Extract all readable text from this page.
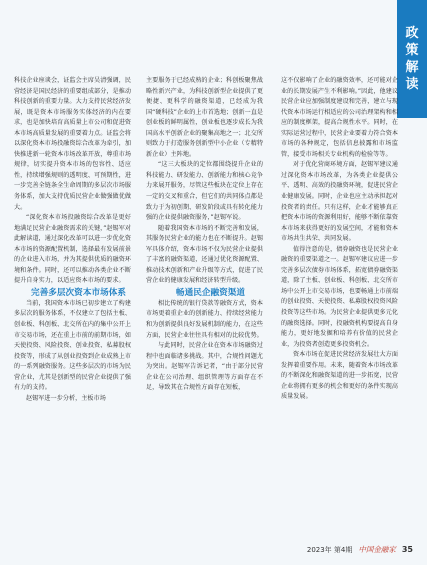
政
策
解
读

科技企业座谈会，证监会主席吴清强调，民营经济是国民经济的重要组成部分，是推动科技创新的重要力量。大力支持民营经济发展，既是资本市场服务实体经济的内在要求，也是加快培育高质量上市公司和促进资本市场高质量发展的重要着力点。证监会将以深化资本市场投融资综合改革为牵引，加快推进新一轮资本市场改革开放，尊重市场规律，切实提升资本市场的包容性、适应性，持续增强规则的透明度、可预期性，进一步完善全链条全生命周期的多层次市场服务体系，加大支持优质民营企业做强做优做大。

“深化资本市场投融资综合改革是更好地满足民营企业融资需求的关键，”赵锡军对此解读道，通过深化改革可以进一步优化资本市场的资源配置机制，选择最有发展前景的企业进入市场，并为其提供优质的融资环境和条件。同时，还可以推动各类企业不断提升自身实力，以适应资本市场的要求。

完善多层次资本市场体系

当前，我国资本市场已初步建立了构建多层次的服务体系，不仅建立了包括主板、创业板、科创板、北交所在内的集中公开上市交易市场，还在重上市前的前期市场，如天使投资、风险投资、创业投资、私募股权投资等，形成了从创业投资到企业成熟上市的一系列融资服务。这些多层次的市场为民营企业，尤其是创新型的民营企业提供了强有力的支持。

赵锡军进一步分析，主板市场

主要服务于已经成熟的企业；科创板聚焦战略性新兴产业，为科技创新型企业提供了更便捷、更科学的融资渠道，已经成为我国“硬科技”企业的上市首选地；创新一直是创业板的鲜明属性，创业板也逐步成长为我国高水平创新企业的聚集高地之一；北交所则致力于打造服务创新型中小企业（专精特新企业）主阵地。

“这三大板块的定位都围绕提升企业的科技能力、研发能力、创新能力和核心竞争力来展开服务，尽管这些板块在定位上存在一定的交叉和重合，但它们的共同体点都是致力于为初创期、研发阶段或具有转化能力强的企业提供融资服务，”赵锡军说。

随着我国资本市场的不断完善和发展，其服务民营企业的能力也在不断提升。赵锡军具体介绍，资本市场不仅为民营企业提供了丰富的融资渠道，还通过优化资源配置、推动技术创新和产业升级等方式，促进了民营企业的健康发展和经济转型升级。

畅通民企融资渠道

相比传统的银行贷款等融资方式，资本市场更着重企业的创新能力、持续经营能力和为创新提供良好发展机制的能力，在这些方面，民营企业往往具有相对的比较优势。

与此同时，民营企业在资本市场融资过程中也面临诸多挑战。其中，合规性问题尤为突出。赵锡军告诉记者，“由于部分民营企业在公司治理、组织管理等方面存在不足，导致其在合规性方面存在短板，

这不仅影响了企业的融资效率，还可能对企业的长期发展产生不利影响。”因此，他建议民营企业应加强制度建设和完善，建立与现代资本市场运行相适应的公司治理架构和相应的制度框架，提高合规性水平。同时，在实际运营过程中，民营企业要着力符合资本市场的各种规定，包括信息披露和市场监管，接受市场相关专业机构的检验等等。

对于优化营商环境方面，赵锡军建议通过深化资本市场改革，为各类企业提供公平、透明、高效的投融资环境，促进民营企业健康发展。同时，企业也应主动承担起对投资者的责任。只有这样，企业才能够真正把资本市场的资源利用好，能够不断依靠资本市场来获得更好的发展空间，才能和资本市场共生共荣、共同发展。

值得注意的是，债券融资也是民营企业融资的重要渠道之一。赵锡军建议应进一步完善多层次债券市场体系，拓宽债券融资渠道，除了主板、创业板、科创板、北交所市场中公开上市交易市场，也要畅通上市前端的创业投资、天使投资、私募股权投资风险投资等这些市场。为民营企业提供更多元化的融资选择。同时，投融资机构要提高自身能力，更好地发掘和培养有价值的民营企业，为投资者创造更多投资机会。

资本市场在促进民营经济发展壮大方面发挥着重要作用。未来，随着资本市场改革的不断深化和融资渠道的进一步拓宽，民营企业将拥有更多的机会和更好的条件实现高质量发展。

2023年 第4期 中国金融家 35
